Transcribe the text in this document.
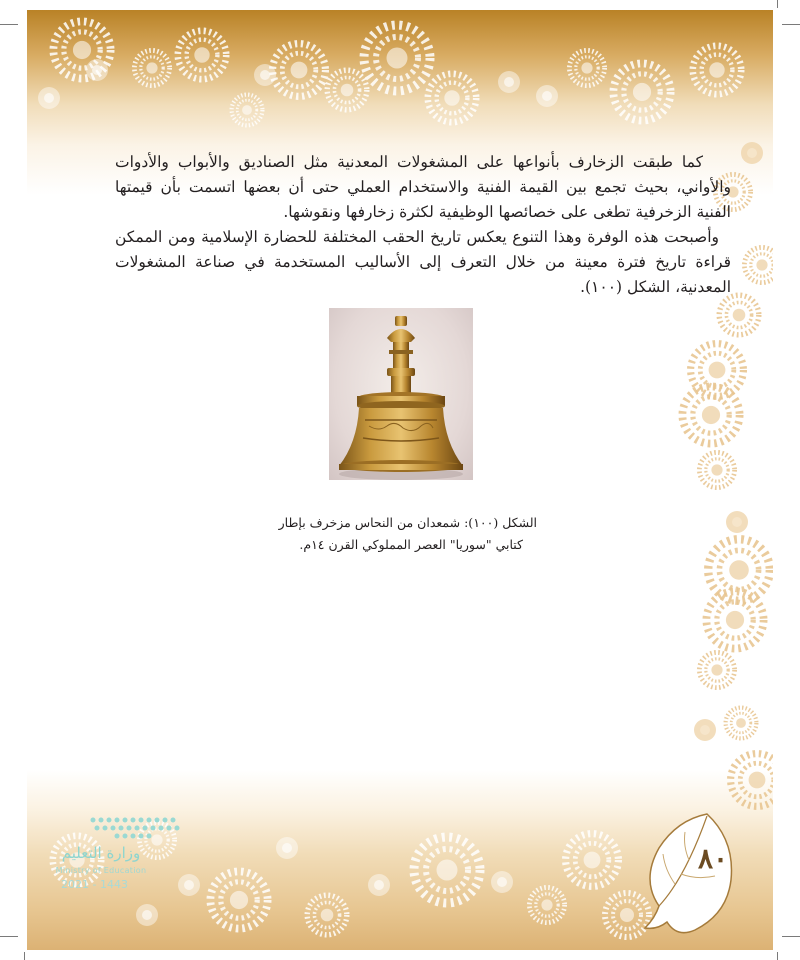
كما طبقت الزخارف بأنواعها على المشغولات المعدنية مثل الصناديق والأبواب والأدوات والأواني، بحيث تجمع بين القيمة الفنية والاستخدام العملي حتى أن بعضها اتسمت بأن قيمتها الفنية الزخرفية تطغى على خصائصها الوظيفية لكثرة زخارفها ونقوشها.

وأصبحت هذه الوفرة وهذا التنوع يعكس تاريخ الحقب المختلفة للحضارة الإسلامية ومن الممكن قراءة تاريخ فترة معينة من خلال التعرف إلى الأساليب المستخدمة في صناعة المشغولات المعدنية، الشكل (١٠٠).

الشكل (١٠٠): شمعدان من النحاس مزخرف بإطار
كتابي "سوريا" العصر المملوكي القرن ١٤م.
وزارة التعليم
Ministry of Education
2021 - 1443
٨٠
